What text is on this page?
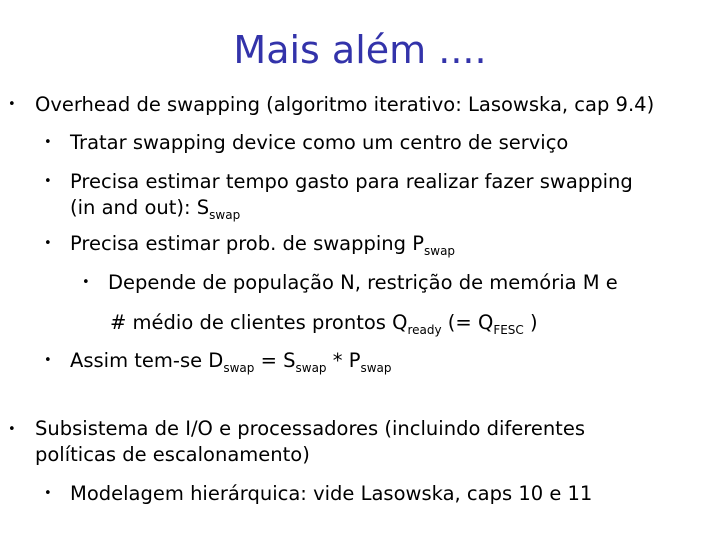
Mais além ....
• Overhead de swapping (algoritmo iterativo: Lasowska, cap 9.4)
• Tratar swapping device como um centro de serviço
• Precisa estimar tempo gasto para realizar fazer swapping
(in and out): $S_{swap}$
• Precisa estimar prob. de swapping $P_{swap}$
• Depende de população N, restrição de memória M e
# médio de clientes prontos $Q_{ready}$ (= $Q_{FESC}$ )
• Assim tem-se $D_{swap} = S_{swap} * P_{swap}$
• Subsistema de I/O e processadores (incluindo diferentes
políticas de escalonamento)
• Modelagem hierárquica: vide Lasowska, caps 10 e 11
